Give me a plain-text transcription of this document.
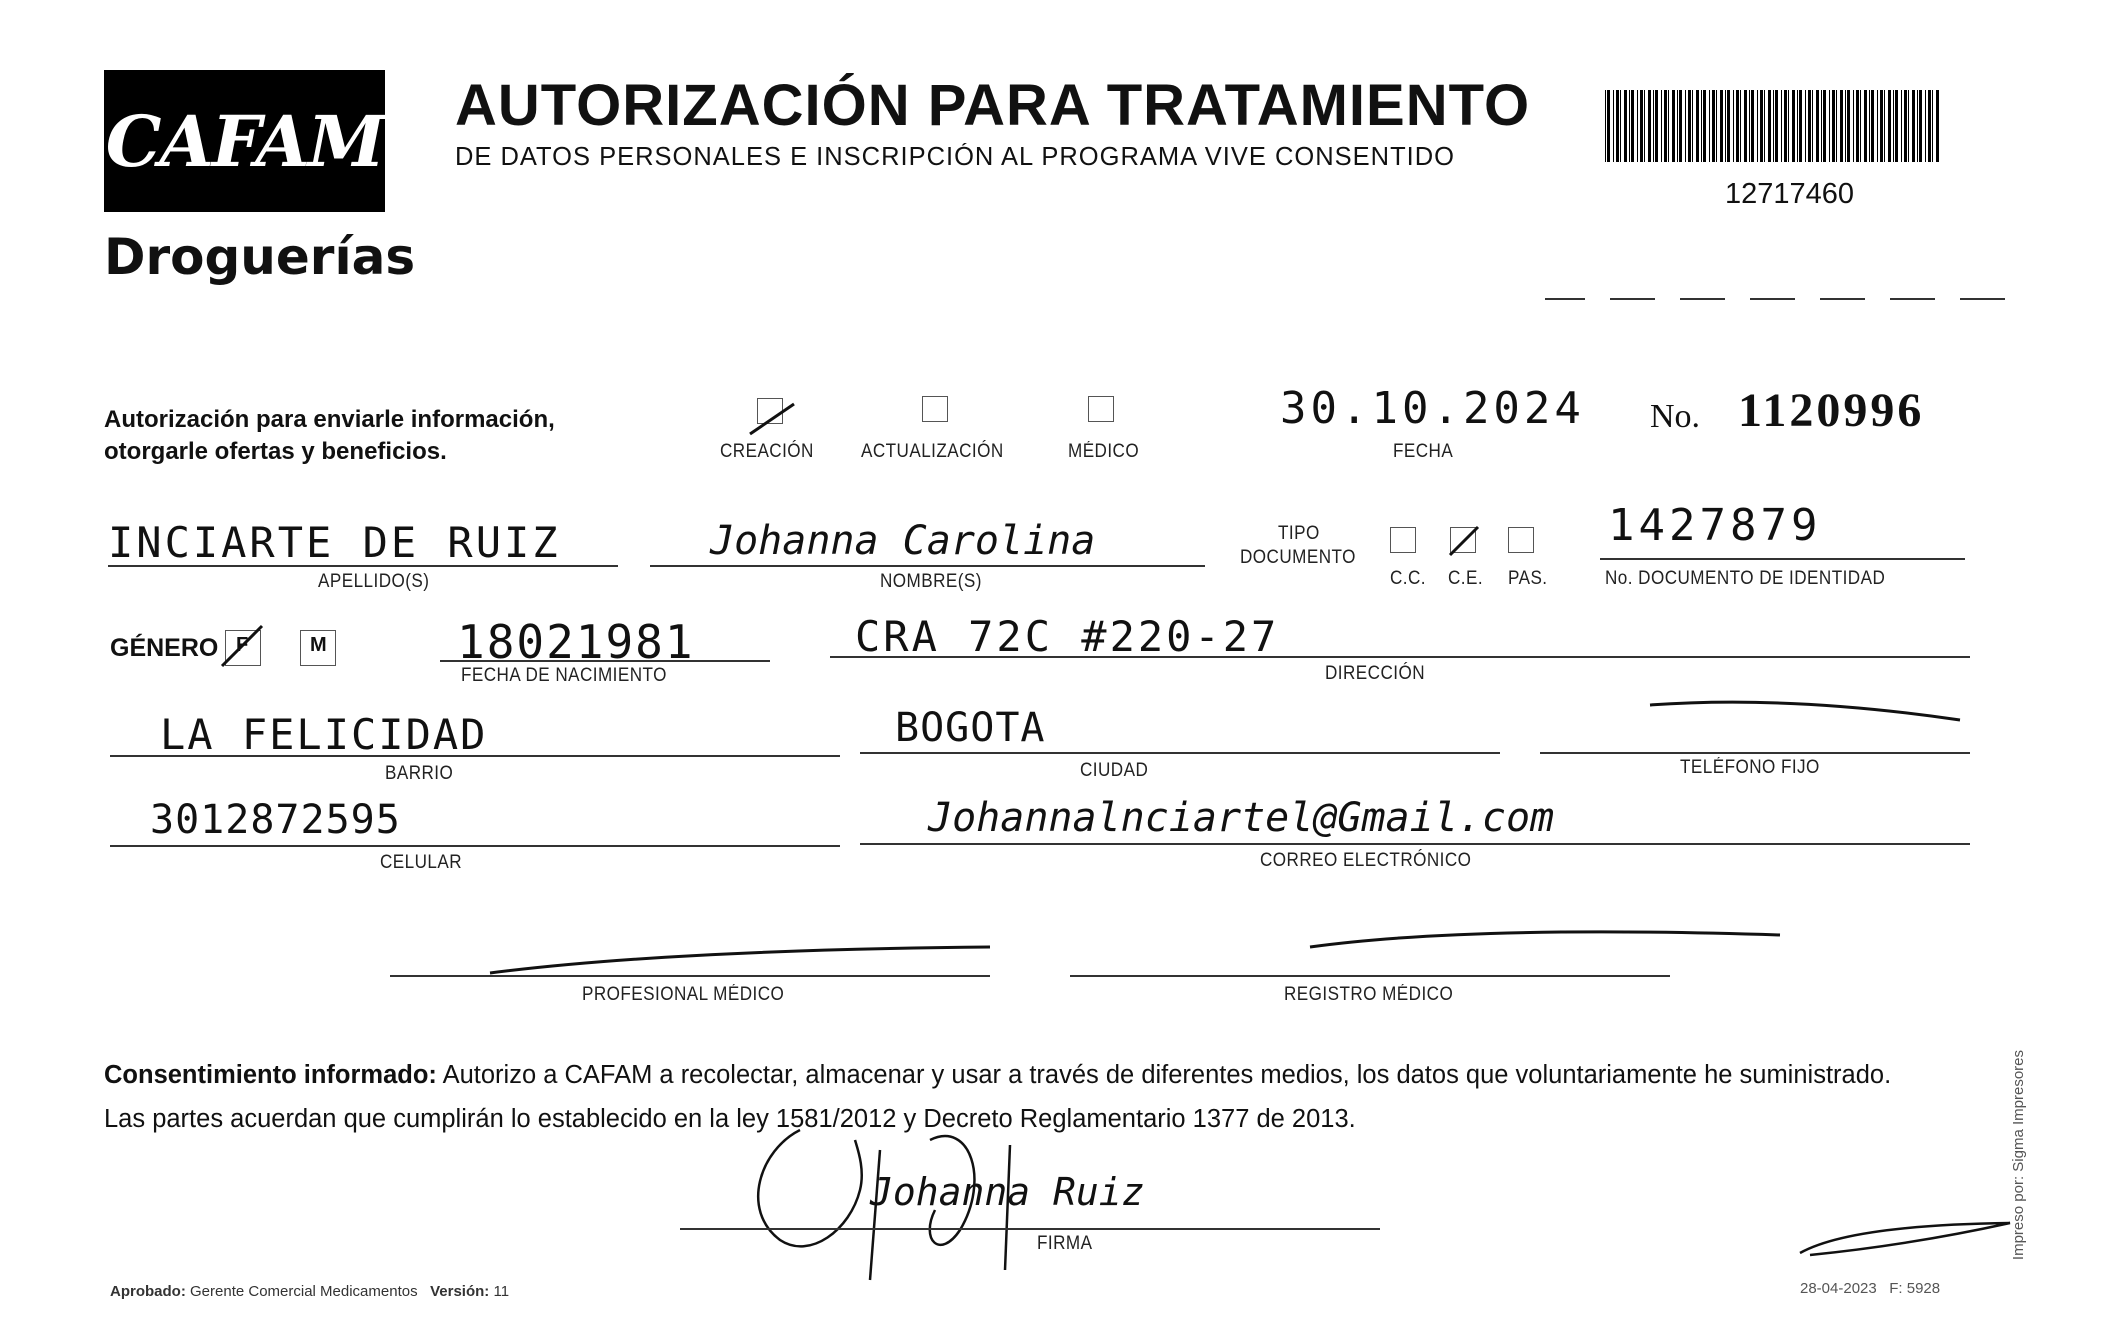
CAFAM
Droguerías
AUTORIZACIÓN PARA TRATAMIENTO
DE DATOS PERSONALES E INSCRIPCIÓN AL PROGRAMA VIVE CONSENTIDO
12717460
Autorización para enviarle información,
otorgarle ofertas y beneficios.	CREACIÓN ACTUALIZACIÓN	MÉDICO
30.10.2024
FECHA
No. 1120996
INCIARTE DE RUIZ
APELLIDO(S)
Johanna Carolina
NOMBRE(S)
TIPO
DOCUMENTO
C.C. C.E. PAS.
1427879
No. DOCUMENTO DE IDENTIDAD
GÉNERO F	M	18021981
FECHA DE NACIMIENTO
CRA 72C #220-27
DIRECCIÓN
LA FELICIDAD
BARRIO
BOGOTA
CIUDAD	TELÉFONO FIJO
3012872595
CELULAR
Johannalnciartel@Gmail.com
CORREO ELECTRÓNICO
PROFESIONAL MÉDICO	REGISTRO MÉDICO
Consentimiento informado: Autorizo a CAFAM a recolectar, almacenar y usar a través de diferentes medios, los datos que voluntariamente he suministrado.
Las partes acuerdan que cumplirán lo establecido en la ley 1581/2012 y Decreto Reglamentario 1377 de 2013.
Johanna Ruiz
FIRMA
Aprobado: Gerente Comercial Medicamentos Versión: 11	28-04-2023 F: 5928
Impreso por: Sigma Impresores
